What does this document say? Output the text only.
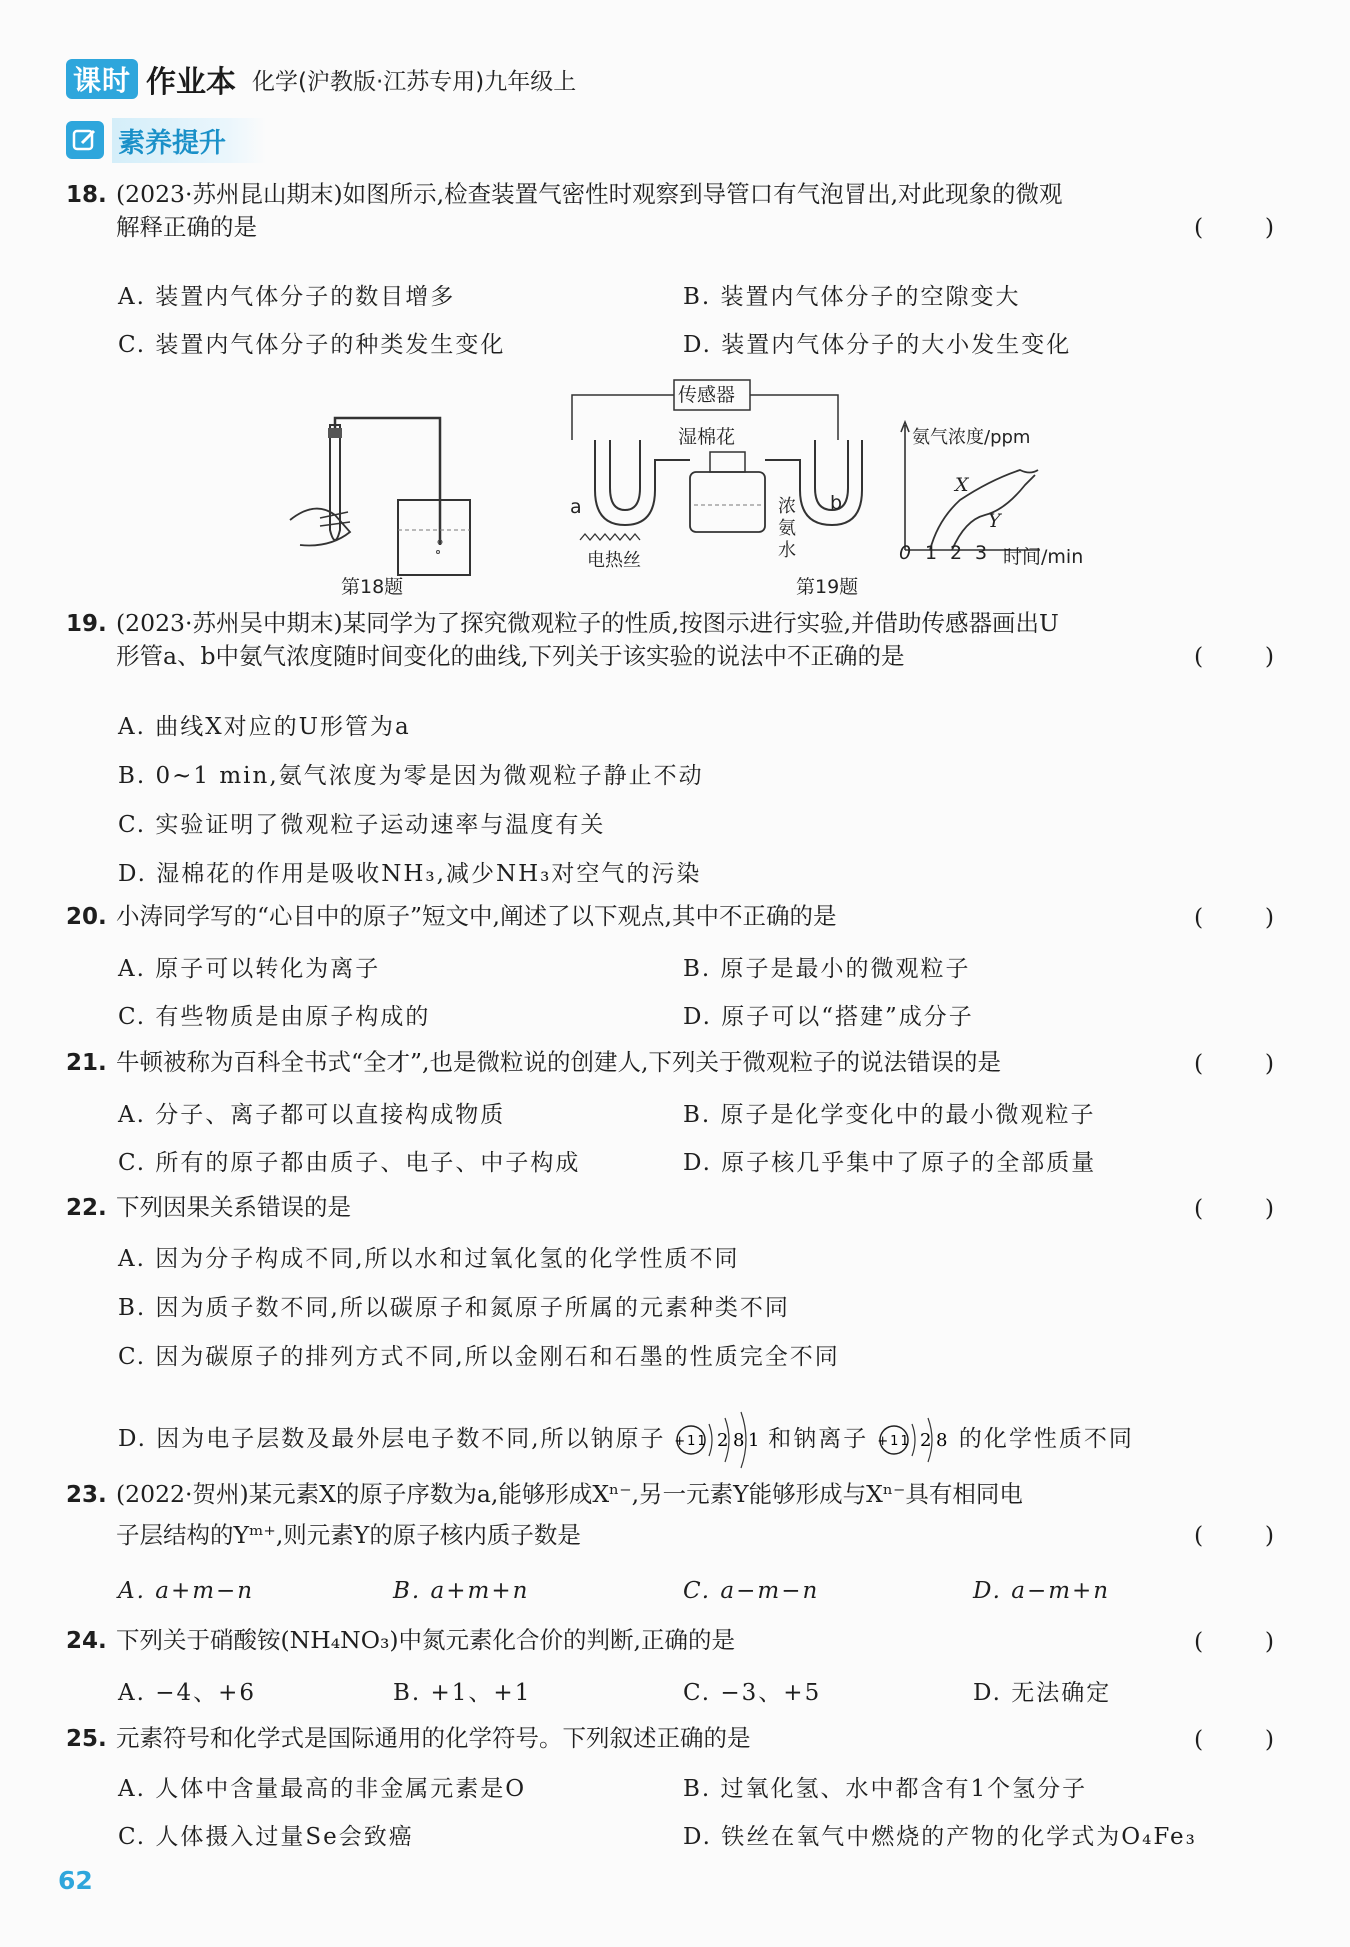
课时 作业本 化学(沪教版·江苏专用)九年级上
素养提升
18. (2023·苏州昆山期末)如图所示,检查装置气密性时观察到导管口有气泡冒出,对此现象的微观
解释正确的是	(	)
A. 装置内气体分子的数目增多	B. 装置内气体分子的空隙变大
C. 装置内气体分子的种类发生变化	D. 装置内气体分子的大小发生变化
第18题
传感器
湿棉花
a	b
电热丝
浓
氨
水
氨气浓度/ppm
X
Y
0 1 2 3 时间/min
第19题
19. (2023·苏州吴中期末)某同学为了探究微观粒子的性质,按图示进行实验,并借助传感器画出U
形管a、b中氨气浓度随时间变化的曲线,下列关于该实验的说法中不正确的是	(	)
A. 曲线X对应的U形管为a
B. 0~1 min,氨气浓度为零是因为微观粒子静止不动
C. 实验证明了微观粒子运动速率与温度有关
D. 湿棉花的作用是吸收NH₃,减少NH₃对空气的污染
20. 小涛同学写的“心目中的原子”短文中,阐述了以下观点,其中不正确的是	(	)
A. 原子可以转化为离子	B. 原子是最小的微观粒子
C. 有些物质是由原子构成的	D. 原子可以“搭建”成分子
21. 牛顿被称为百科全书式“全才”,也是微粒说的创建人,下列关于微观粒子的说法错误的是	(	)
A. 分子、离子都可以直接构成物质	B. 原子是化学变化中的最小微观粒子
C. 所有的原子都由质子、电子、中子构成	D. 原子核几乎集中了原子的全部质量
22. 下列因果关系错误的是	(	)
A. 因为分子构成不同,所以水和过氧化氢的化学性质不同
B. 因为质子数不同,所以碳原子和氮原子所属的元素种类不同
C. 因为碳原子的排列方式不同,所以金刚石和石墨的性质完全不同
D. 因为电子层数及最外层电子数不同,所以钠原子 +11 2 8 1 和钠离子 +11 2 8 的化学性质不同
23. (2022·贺州)某元素X的原子序数为a,能够形成Xⁿ⁻,另一元素Y能够形成与Xⁿ⁻具有相同电
子层结构的Yᵐ⁺,则元素Y的原子核内质子数是	(	)
A. a+m−n	B. a+m+n	C. a−m−n	D. a−m+n
24. 下列关于硝酸铵(NH₄NO₃)中氮元素化合价的判断,正确的是	(	)
A. −4、+6	B. +1、+1	C. −3、+5	D. 无法确定
25. 元素符号和化学式是国际通用的化学符号。下列叙述正确的是	(	)
A. 人体中含量最高的非金属元素是O	B. 过氧化氢、水中都含有1个氢分子
C. 人体摄入过量Se会致癌	D. 铁丝在氧气中燃烧的产物的化学式为O₄Fe₃
62
